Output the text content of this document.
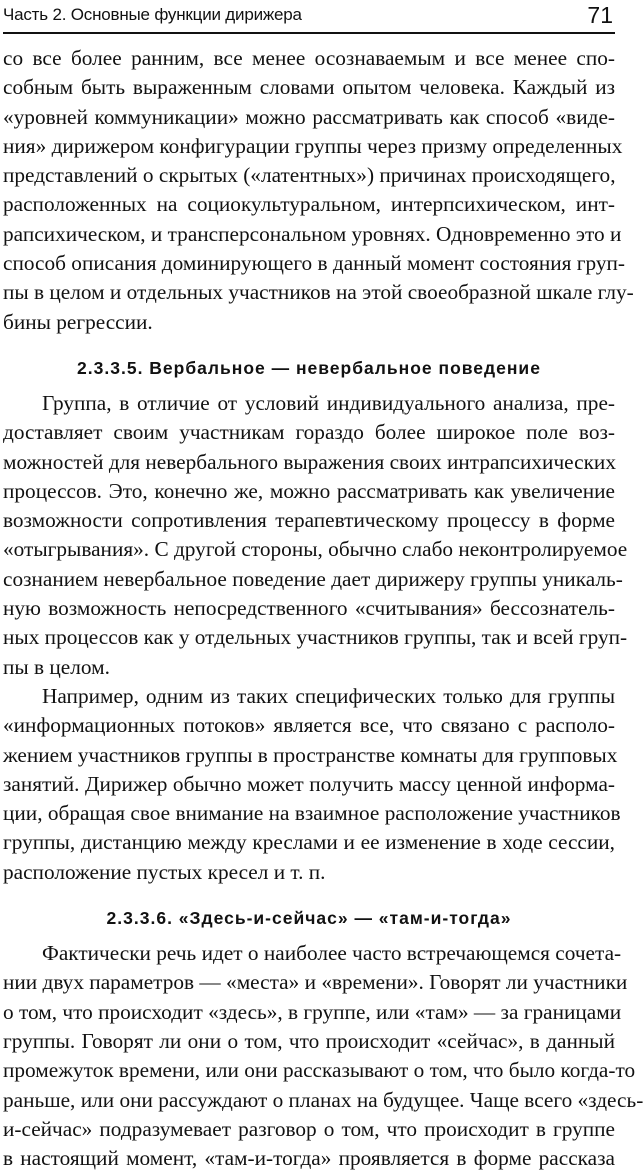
Часть 2. Основные функции дирижера	71
со все более ранним, все менее осознаваемым и все менее спо-
собным быть выраженным словами опытом человека. Каждый из
«уровней коммуникации» можно рассматривать как способ «виде-
ния» дирижером конфигурации группы через призму определенных
представлений о скрытых («латентных») причинах происходящего,
расположенных на социокультуральном, интерпсихическом, инт-
рапсихическом, и трансперсональном уровнях. Одновременно это и
способ описания доминирующего в данный момент состояния груп-
пы в целом и отдельных участников на этой своеобразной шкале глу-
бины регрессии.
2.3.3.5. Вербальное — невербальное поведение
Группа, в отличие от условий индивидуального анализа, пре-
доставляет своим участникам гораздо более широкое поле воз-
можностей для невербального выражения своих интрапсихических
процессов. Это, конечно же, можно рассматривать как увеличение
возможности сопротивления терапевтическому процессу в форме
«отыгрывания». С другой стороны, обычно слабо неконтролируемое
сознанием невербальное поведение дает дирижеру группы уникаль-
ную возможность непосредственного «считывания» бессознатель-
ных процессов как у отдельных участников группы, так и всей груп-
пы в целом.
Например, одним из таких специфических только для группы
«информационных потоков» является все, что связано с располо-
жением участников группы в пространстве комнаты для групповых
занятий. Дирижер обычно может получить массу ценной информа-
ции, обращая свое внимание на взаимное расположение участников
группы, дистанцию между креслами и ее изменение в ходе сессии,
расположение пустых кресел и т. п.
2.3.3.6. «Здесь-и-сейчас» — «там-и-тогда»
Фактически речь идет о наиболее часто встречающемся сочета-
нии двух параметров — «места» и «времени». Говорят ли участники
о том, что происходит «здесь», в группе, или «там» — за границами
группы. Говорят ли они о том, что происходит «сейчас», в данный
промежуток времени, или они рассказывают о том, что было когда-то
раньше, или они рассуждают о планах на будущее. Чаще всего «здесь-
и-сейчас» подразумевает разговор о том, что происходит в группе
в настоящий момент, «там-и-тогда» проявляется в форме рассказа
